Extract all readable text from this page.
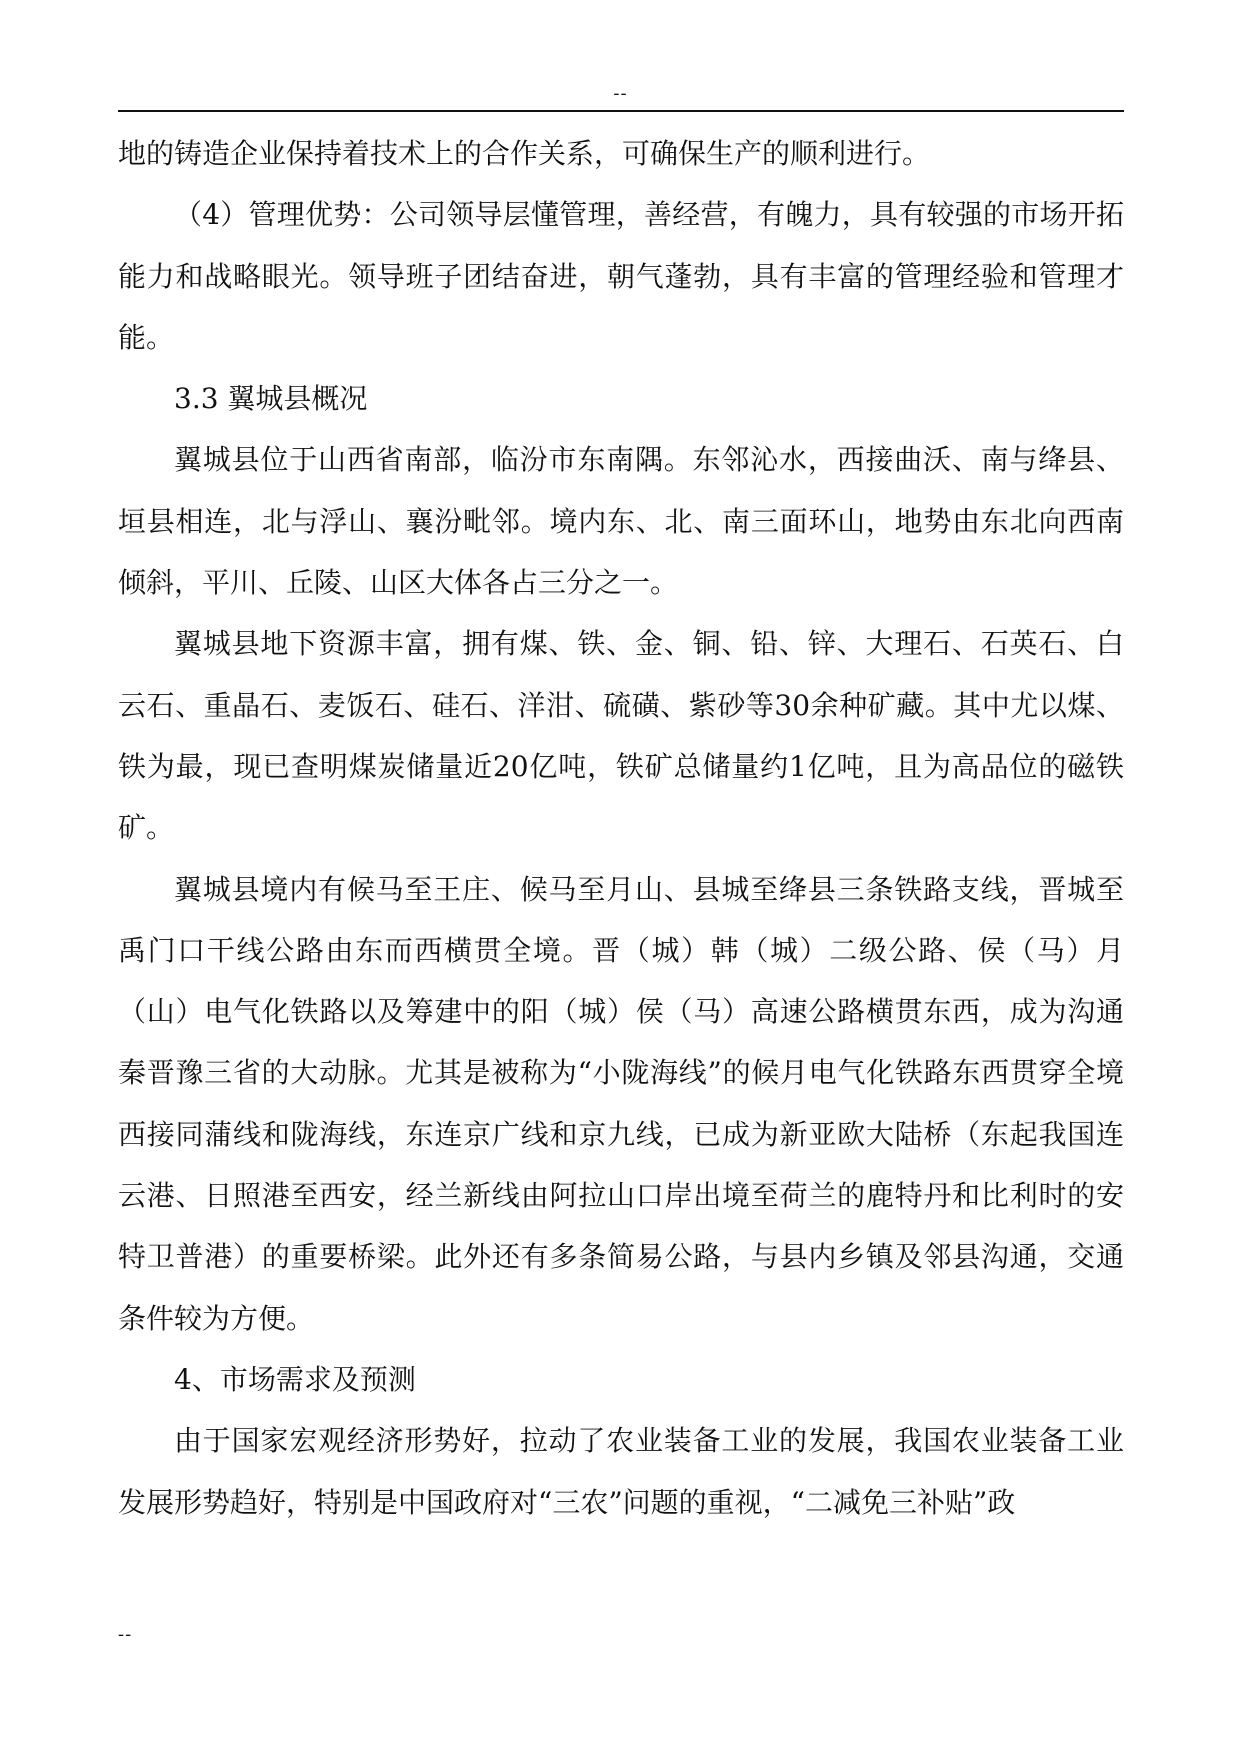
--

地的铸造企业保持着技术上的合作关系，可确保生产的顺利进行。

（4）管理优势：公司领导层懂管理，善经营，有魄力，具有较强的市场开拓能力和战略眼光。领导班子团结奋进，朝气蓬勃，具有丰富的管理经验和管理才能。

3.3 翼城县概况

翼城县位于山西省南部，临汾市东南隅。东邻沁水，西接曲沃、南与绛县、垣县相连，北与浮山、襄汾毗邻。境内东、北、南三面环山，地势由东北向西南倾斜，平川、丘陵、山区大体各占三分之一。

翼城县地下资源丰富，拥有煤、铁、金、铜、铅、锌、大理石、石英石、白云石、重晶石、麦饭石、硅石、洋泔、硫磺、紫砂等30余种矿藏。其中尤以煤、铁为最，现已查明煤炭储量近20亿吨，铁矿总储量约1亿吨，且为高品位的磁铁矿。

翼城县境内有候马至王庄、候马至月山、县城至绛县三条铁路支线，晋城至禹门口干线公路由东而西横贯全境。晋（城）韩（城）二级公路、侯（马）月（山）电气化铁路以及筹建中的阳（城）侯（马）高速公路横贯东西，成为沟通秦晋豫三省的大动脉。尤其是被称为“小陇海线”的候月电气化铁路东西贯穿全境西接同蒲线和陇海线，东连京广线和京九线，已成为新亚欧大陆桥（东起我国连云港、日照港至西安，经兰新线由阿拉山口岸出境至荷兰的鹿特丹和比利时的安特卫普港）的重要桥梁。此外还有多条简易公路，与县内乡镇及邻县沟通，交通条件较为方便。

4、市场需求及预测

由于国家宏观经济形势好，拉动了农业装备工业的发展，我国农业装备工业发展形势趋好，特别是中国政府对“三农”问题的重视，“二减免三补贴”政

--
